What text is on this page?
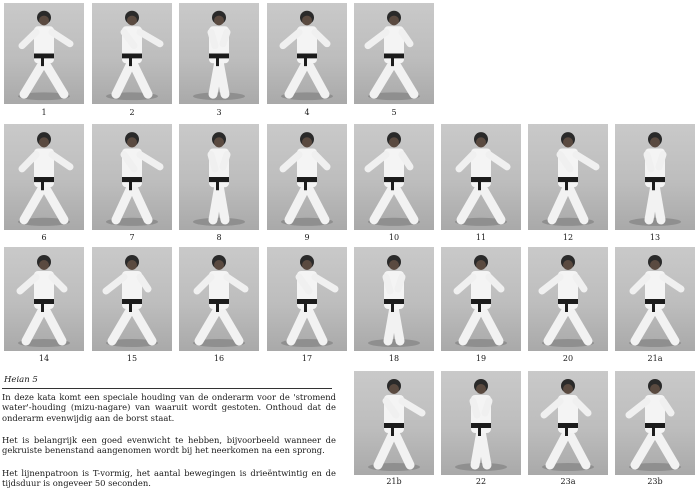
1	2	3	4	5
6	7	8	9	10	11	12	13
14	15	16	17	18	19	20	21a
21b	22	23a	23b
Heian 5

In deze kata komt een speciale houding van de onderarm voor de 'stromend water'-houding (mizu-nagare) van waaruit wordt gestoten. Onthoud dat de onderarm evenwijdig aan de borst staat.

Het is belangrijk een goed evenwicht te hebben, bijvoorbeeld wanneer de gekruiste benenstand aangenomen wordt bij het neerkomen na een sprong.

Het lijnenpatroon is T-vormig, het aantal bewegingen is drieëntwintig en de tijdsduur is ongeveer 50 seconden.
